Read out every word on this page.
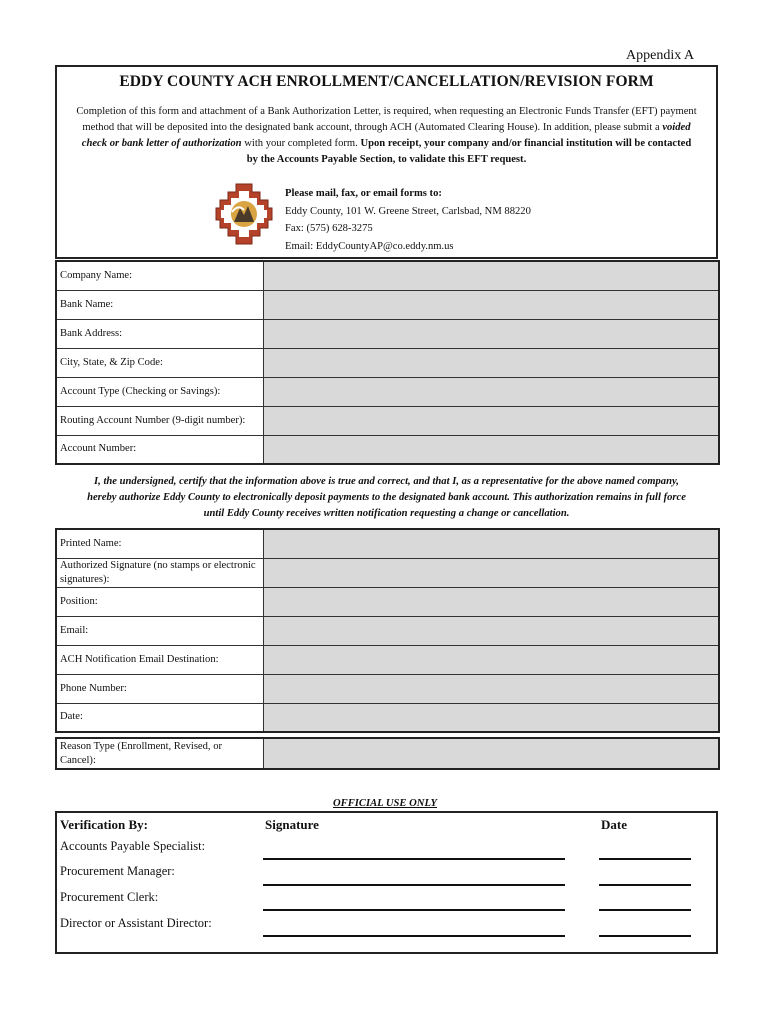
Appendix A
EDDY COUNTY ACH ENROLLMENT/CANCELLATION/REVISION FORM
Completion of this form and attachment of a Bank Authorization Letter, is required, when requesting an Electronic Funds Transfer (EFT) payment
method that will be deposited into the designated bank account, through ACH (Automated Clearing House). In addition, please submit a voided
check or bank letter of authorization with your completed form. Upon receipt, your company and/or financial institution will be contacted
by the Accounts Payable Section, to validate this EFT request.
Please mail, fax, or email forms to:
Eddy County, 101 W. Greene Street, Carlsbad, NM 88220
Fax: (575) 628-3275
Email: EddyCountyAP@co.eddy.nm.us
Company Name:	
Bank Name:	
Bank Address:	
City, State, & Zip Code:	
Account Type (Checking or Savings):	
Routing Account Number (9-digit number):	
Account Number:	
I, the undersigned, certify that the information above is true and correct, and that I, as a representative for the above named company,
hereby authorize Eddy County to electronically deposit payments to the designated bank account. This authorization remains in full force
until Eddy County receives written notification requesting a change or cancellation.
Printed Name:	
Authorized Signature (no stamps or electronic signatures):	
Position:	
Email:	
ACH Notification Email Destination:	
Phone Number:	
Date:	
Reason Type (Enrollment, Revised, or Cancel):	
OFFICIAL USE ONLY
Verification By:	Signature	Date
Accounts Payable Specialist:
Procurement Manager:
Procurement Clerk:
Director or Assistant Director:
